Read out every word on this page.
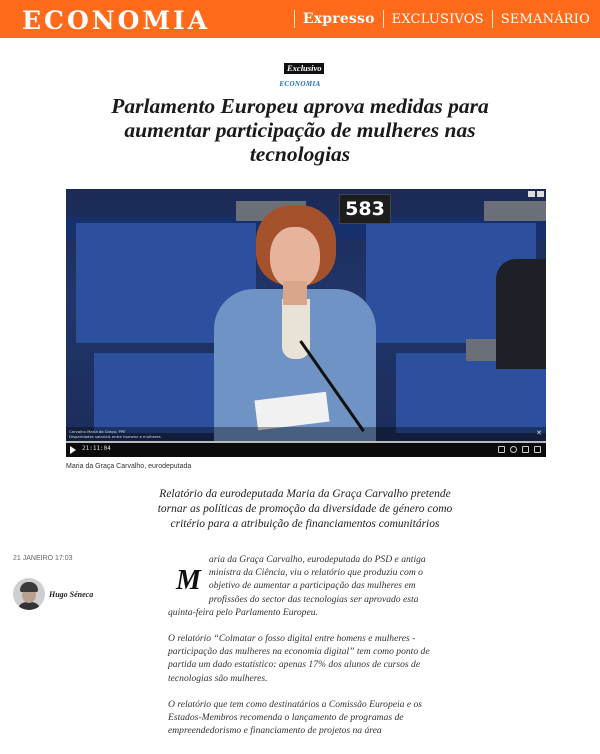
ECONOMIA	Expresso EXCLUSIVOS SEMANÁRIO
Exclusivo
ECONOMIA
Parlamento Europeu aprova medidas para aumentar participação de mulheres nas tecnologias
583
Carvalho Maria da Graça, PPE
Disparidades salariais entre homens e mulheres	✕
21:11:04
Maria da Graça Carvalho, eurodeputada

Relatório da eurodeputada Maria da Graça Carvalho pretende tornar as políticas de promoção da diversidade de género como critério para a atribuição de financiamentos comunitários

21 JANEIRO 17:03
Hugo Séneca	M
aria da Graça Carvalho, eurodeputada do PSD e antiga ministra da Ciência, viu o relatório que produziu com o objetivo de aumentar a participação das mulheres em profissões do sector das tecnologias ser aprovado esta quinta-feira pelo Parlamento Europeu.

O relatório “Colmatar o fosso digital entre homens e mulheres - participação das mulheres na economia digital” tem como ponto de partida um dado estatístico: apenas 17% dos alunos de cursos de tecnologias são mulheres.

O relatório que tem como destinatários a Comissão Europeia e os Estados-Membros recomenda o lançamento de programas de empreendedorismo e financiamento de projetos na área
